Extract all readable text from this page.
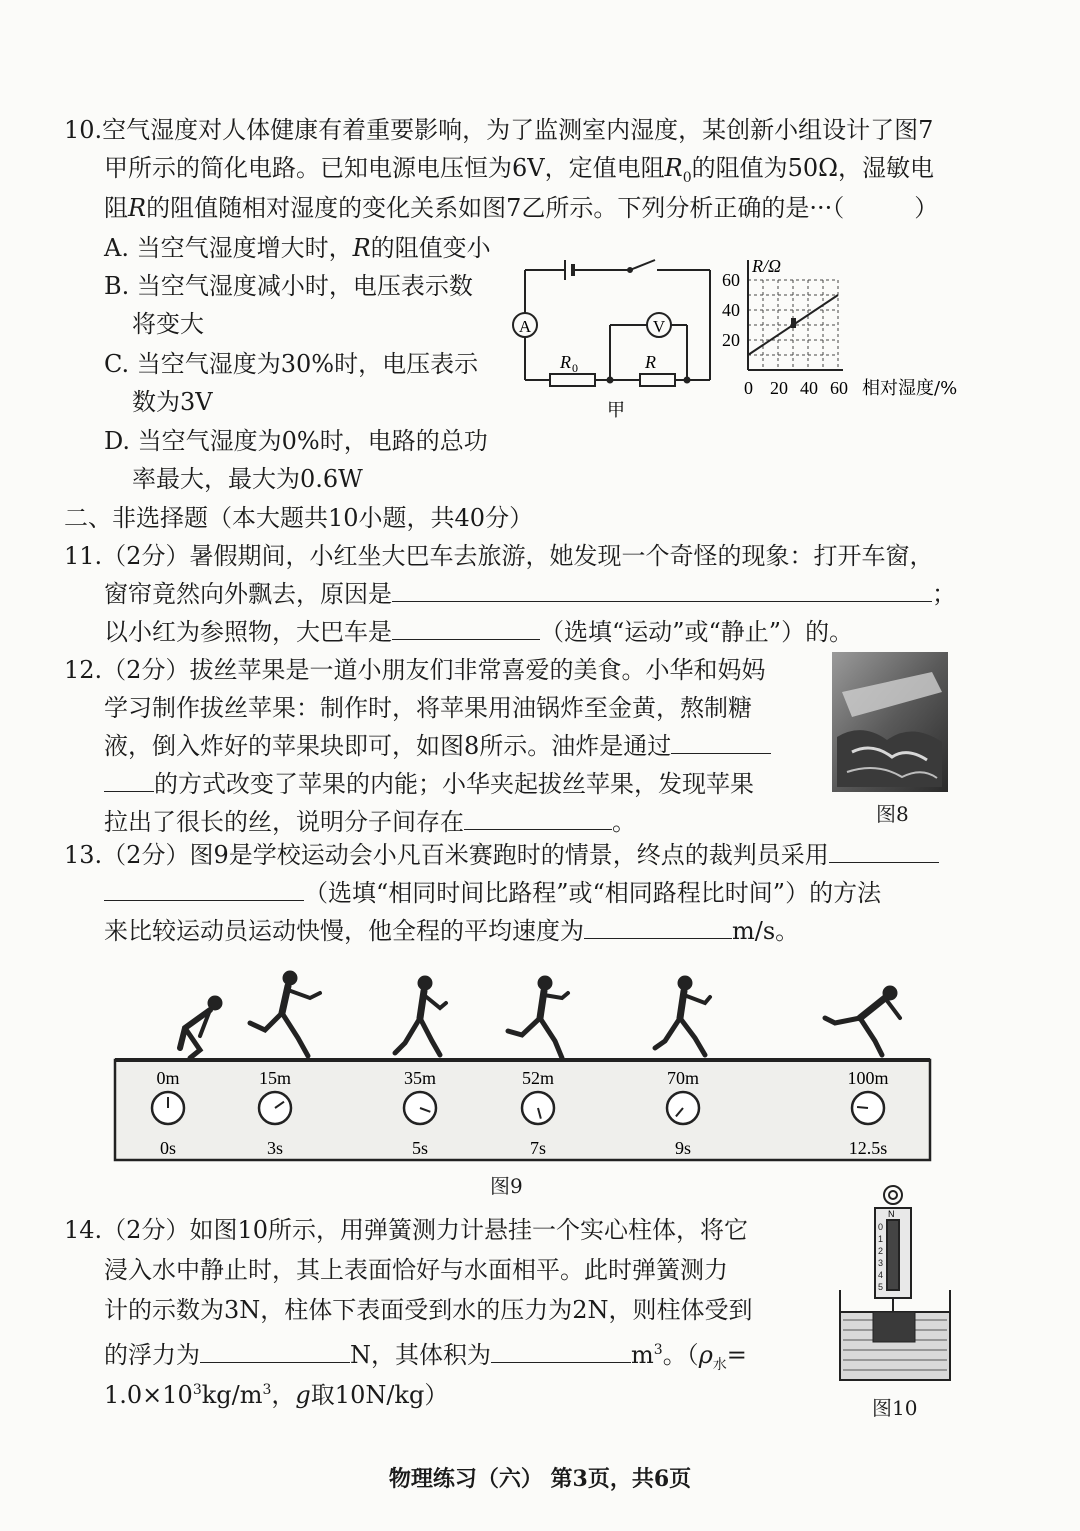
10.空气湿度对人体健康有着重要影响，为了监测室内湿度，某创新小组设计了图7
甲所示的简化电路。已知电源电压恒为6V，定值电阻$R_0$的阻值为50Ω，湿敏电
阻R的阻值随相对湿度的变化关系如图7乙所示。下列分析正确的是···（	）
A. 当空气湿度增大时，R的阻值变小
B. 当空气湿度减小时，电压表示数
将变大
C. 当空气湿度为30%时，电压表示
数为3V
D. 当空气湿度为0%时，电路的总功
率最大，最大为0.6W
A	V
R 0	R
甲
R/Ω
60
40
20
0 20 40 60 相对湿度/%
二、非选择题（本大题共10小题，共40分）
11.（2分）暑假期间，小红坐大巴车去旅游，她发现一个奇怪的现象：打开车窗，
窗帘竟然向外飘去，原因是	；
以小红为参照物，大巴车是	（选填“运动”或“静止”）的。
12.（2分）拔丝苹果是一道小朋友们非常喜爱的美食。小华和妈妈
学习制作拔丝苹果：制作时，将苹果用油锅炸至金黄，熬制糖
液，倒入炸好的苹果块即可，如图8所示。油炸是通过
的方式改变了苹果的内能；小华夹起拔丝苹果，发现苹果
拉出了很长的丝，说明分子间存在	。	图8
13.（2分）图9是学校运动会小凡百米赛跑时的情景，终点的裁判员采用
（选填“相同时间比路程”或“相同路程比时间”）的方法
来比较运动员运动快慢，他全程的平均速度为	m/s。
0m
0s
15m
3s
35m
5s
52m
7s
70m
9s
100m
12.5s
图9
14.（2分）如图10所示，用弹簧测力计悬挂一个实心柱体，将它
浸入水中静止时，其上表面恰好与水面相平。此时弹簧测力
计的示数为3N，柱体下表面受到水的压力为2N，则柱体受到
的浮力为	N，其体积为	$m^3$。（$\rho_水=$
$1.0\times 10^3kg/m^3$，g取10N/kg）
N
0
1
2
3
4
5
图10
物理练习（六） 第3页，共6页
